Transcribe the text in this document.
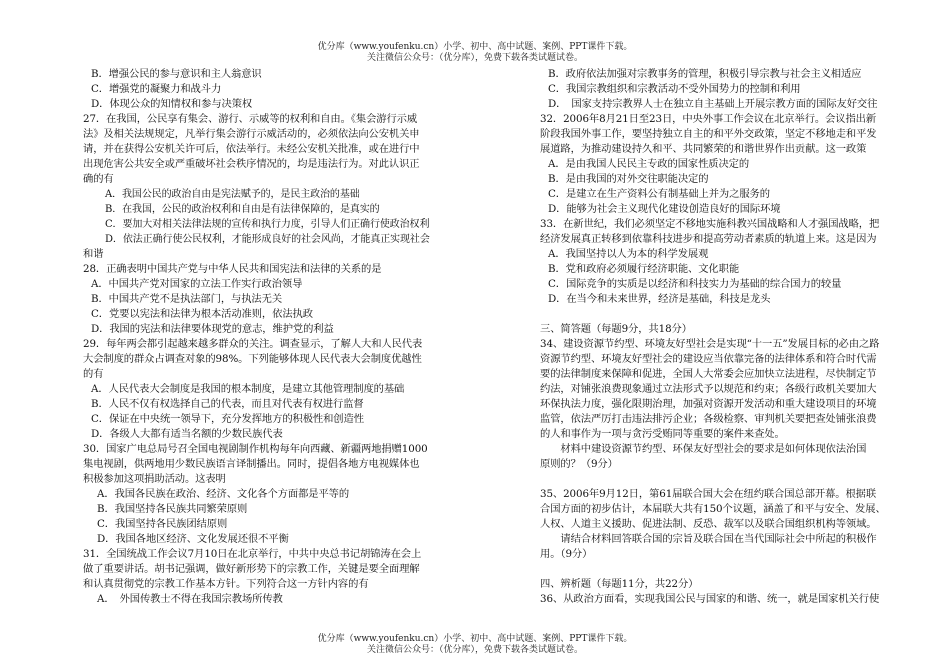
优分库（www.youfenku.cn）小学、初中、高中试题、案例、PPT课件下载。
关注微信公众号：（优分库），免费下载各类试题试卷。
B．增强公民的参与意识和主人翁意识
C．增强党的凝聚力和战斗力
D．体现公众的知情权和参与决策权
27．在我国，公民享有集会、游行、示威等的权利和自由。《集会游行示威
法》及相关法规规定，凡举行集会游行示威活动的，必须依法向公安机关申
请，并在获得公安机关许可后，依法举行。未经公安机关批准，或在进行中
出现危害公共安全或严重破坏社会秩序情况的，均是违法行为。对此认识正
确的有
A．我国公民的政治自由是宪法赋予的，是民主政治的基础
B．在我国，公民的政治权利和自由是有法律保障的，是真实的
C．要加大对相关法律法规的宣传和执行力度，引导人们正确行使政治权利
D．依法正确行使公民权利，才能形成良好的社会风尚，才能真正实现社会
和谐
28．正确表明中国共产党与中华人民共和国宪法和法律的关系的是
A．中国共产党对国家的立法工作实行政治领导
B．中国共产党不是执法部门，与执法无关
C．党要以宪法和法律为根本活动准则，依法执政
D．我国的宪法和法律要体现党的意志，维护党的利益
29．每年两会都引起越来越多群众的关注。调查显示，了解人大和人民代表
大会制度的群众占调查对象的98%。下列能够体现人民代表大会制度优越性
的有
A．人民代表大会制度是我国的根本制度，是建立其他管理制度的基础
B．人民不仅有权选择自己的代表，而且对代表有权进行监督
C．保证在中央统一领导下，充分发挥地方的积极性和创造性
D．各级人大都有适当名额的少数民族代表
30．国家广电总局号召全国电视剧制作机构每年向西藏、新疆两地捐赠1000
集电视剧，供两地用少数民族语言译制播出。同时，提倡各地方电视媒体也
积极参加这项捐助活动。这表明
A．我国各民族在政治、经济、文化各个方面都是平等的
B．我国坚持各民族共同繁荣原则
C．我国坚持各民族团结原则
D．我国各地区经济、文化发展还很不平衡
31．全国统战工作会议7月10日在北京举行，中共中央总书记胡锦涛在会上
做了重要讲话。胡书记强调，做好新形势下的宗教工作，关键是要全面理解
和认真贯彻党的宗教工作基本方针。下列符合这一方针内容的有
A．　外国传教士不得在我国宗教场所传教
B．政府依法加强对宗教事务的管理，积极引导宗教与社会主义相适应
C．我国宗教组织和宗教活动不受外国势力的控制和利用
D．　国家支持宗教界人士在独立自主基础上开展宗教方面的国际友好交往
32．2006年8月21日至23日，中央外事工作会议在北京举行。会议指出新
阶段我国外事工作，要坚持独立自主的和平外交政策，坚定不移地走和平发
展道路，为推动建设持久和平、共同繁荣的和谐世界作出贡献。这一政策
A．是由我国人民民主专政的国家性质决定的
B．是由我国的对外交往职能决定的
C．是建立在生产资料公有制基础上并为之服务的
D．能够为社会主义现代化建设创造良好的国际环境
33．在新世纪，我们必须坚定不移地实施科教兴国战略和人才强国战略，把
经济发展真正转移到依靠科技进步和提高劳动者素质的轨道上来。这是因为
A．我国坚持以人为本的科学发展观
B．党和政府必须履行经济职能、文化职能
C．国际竞争的实质是以经济和科技实力为基础的综合国力的较量
D．在当今和未来世界，经济是基础，科技是龙头
三、简答题（每题9分，共18分）
34、建设资源节约型、环境友好型社会是实现“十一五”发展目标的必由之路
资源节约型、环境友好型社会的建设应当依靠完备的法律体系和符合时代需
要的法律制度来保障和促进，全国人大常委会应加快立法进程，尽快制定节
约法，对铺张浪费现象通过立法形式予以规范和约束；各级行政机关要加大
环保执法力度，强化限期治理，加强对资源开发活动和重大建设项目的环境
监管，依法严厉打击违法排污企业；各级检察、审判机关要把查处铺张浪费
的人和事作为一项与贪污受贿同等重要的案件来查处。
　　材料中建设资源节约型、环保友好型社会的要求是如何体现依法治国
原则的？（9分）
35、2006年9月12日，第61届联合国大会在纽约联合国总部开幕。根据联
合国方面的初步估计，本届联大共有150个议题，涵盖了和平与安全、发展、
人权、人道主义援助、促进法制、反恐、裁军以及联合国组织机构等领域。
　　请结合材料回答联合国的宗旨及联合国在当代国际社会中所起的积极作
用。（9分）
四、辨析题（每题11分，共22分）
36、从政治方面看，实现我国公民与国家的和谐、统一，就是国家机关行使
优分库（www.youfenku.cn）小学、初中、高中试题、案例、PPT课件下载。
关注微信公众号：（优分库），免费下载各类试题试卷。
